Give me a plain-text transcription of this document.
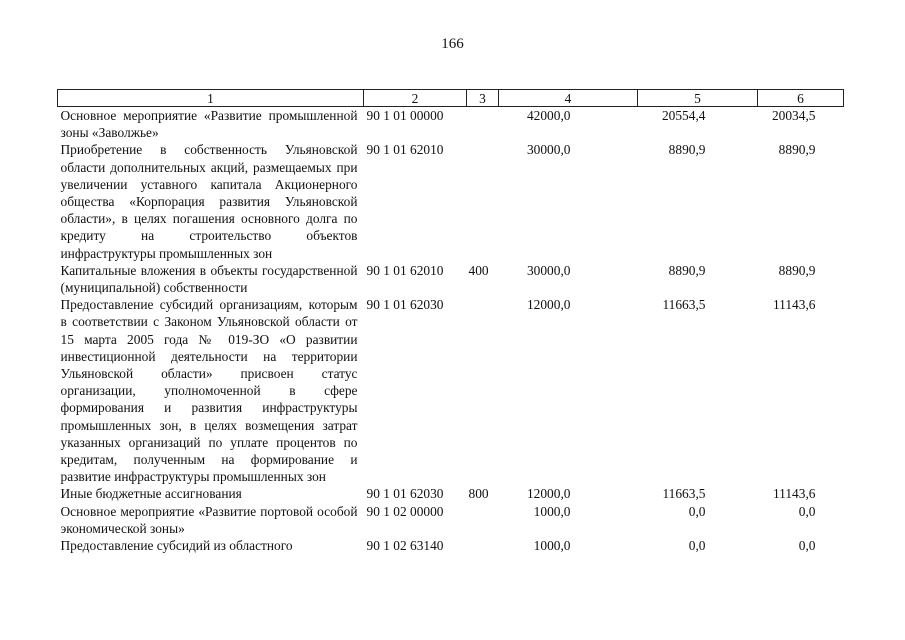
166
1	2	3	4	5	6
Основное мероприятие «Развитие промышленной зоны «Заволжье»	90 1 01 00000		42000,0	20554,4	20034,5
Приобретение в собственность Ульяновской области дополнительных акций, размещаемых при увеличении уставного капитала Акционерного общества «Корпорация развития Ульяновской области», в целях погашения основного долга по кредиту на строительство объектов инфраструктуры промышленных зон	90 1 01 62010		30000,0	8890,9	8890,9
Капитальные вложения в объекты государственной (муниципальной) собственности	90 1 01 62010	400	30000,0	8890,9	8890,9
Предоставление субсидий организациям, которым в соответствии с Законом Ульяновской области от 15 марта 2005 года № 019-ЗО «О развитии инвестиционной деятельности на территории Ульяновской области» присвоен статус организации, уполномоченной в сфере формирования и развития инфраструктуры промышленных зон, в целях возмещения затрат указанных организаций по уплате процентов по кредитам, полученным на формирование и развитие инфраструктуры промышленных зон	90 1 01 62030		12000,0	11663,5	11143,6
Иные бюджетные ассигнования	90 1 01 62030	800	12000,0	11663,5	11143,6
Основное мероприятие «Развитие портовой особой экономической зоны»	90 1 02 00000		1000,0	0,0	0,0
Предоставление субсидий из областного	90 1 02 63140		1000,0	0,0	0,0
